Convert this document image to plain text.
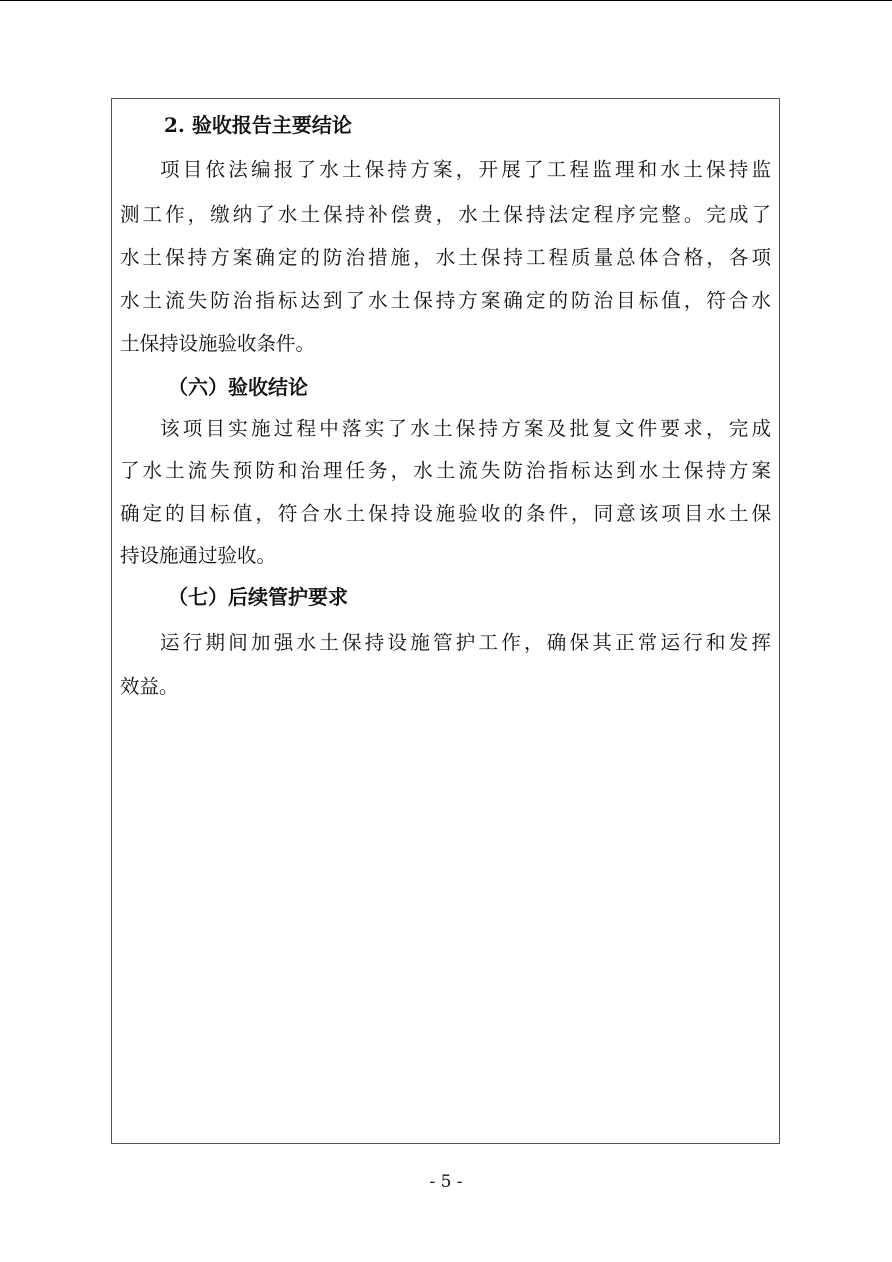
2. 验收报告主要结论
项目依法编报了水土保持方案，开展了工程监理和水土保持监
测工作，缴纳了水土保持补偿费，水土保持法定程序完整。完成了
水土保持方案确定的防治措施，水土保持工程质量总体合格，各项
水土流失防治指标达到了水土保持方案确定的防治目标值，符合水
土保持设施验收条件。
（六）验收结论
该项目实施过程中落实了水土保持方案及批复文件要求，完成
了水土流失预防和治理任务，水土流失防治指标达到水土保持方案
确定的目标值，符合水土保持设施验收的条件，同意该项目水土保
持设施通过验收。
（七）后续管护要求
运行期间加强水土保持设施管护工作，确保其正常运行和发挥
效益。
- 5 -
